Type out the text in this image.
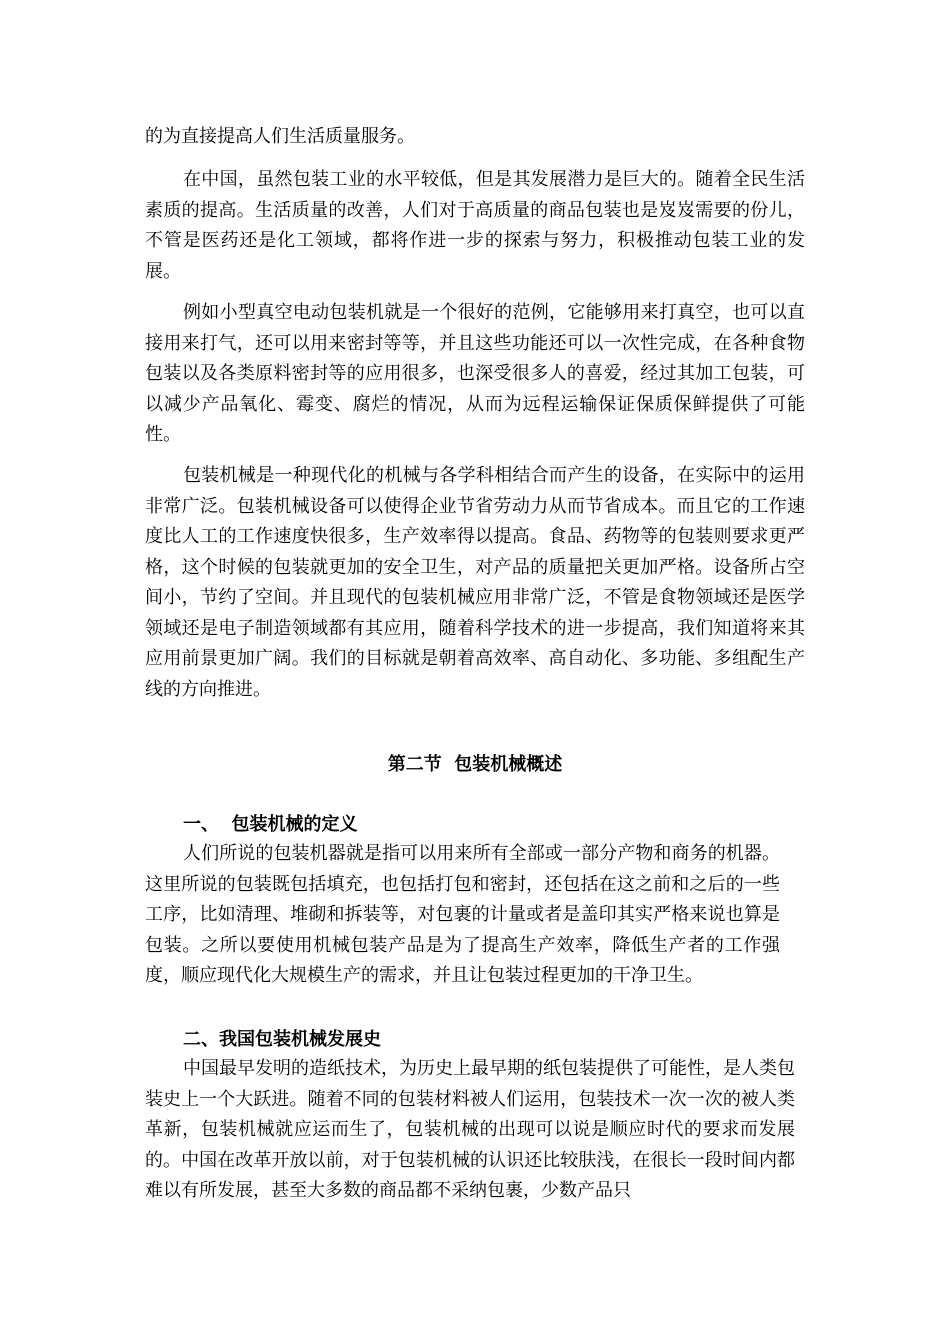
的为直接提高人们生活质量服务。

在中国，虽然包装工业的水平较低，但是其发展潜力是巨大的。随着全民生活素质的提高。生活质量的改善，人们对于高质量的商品包装也是岌岌需要的份儿，不管是医药还是化工领域，都将作进一步的探索与努力，积极推动包装工业的发展。

例如小型真空电动包装机就是一个很好的范例，它能够用来打真空，也可以直接用来打气，还可以用来密封等等，并且这些功能还可以一次性完成，在各种食物包装以及各类原料密封等的应用很多，也深受很多人的喜爱，经过其加工包装，可以减少产品氧化、霉变、腐烂的情况，从而为远程运输保证保质保鲜提供了可能性。

包装机械是一种现代化的机械与各学科相结合而产生的设备，在实际中的运用非常广泛。包装机械设备可以使得企业节省劳动力从而节省成本。而且它的工作速度比人工的工作速度快很多，生产效率得以提高。食品、药物等的包装则要求更严格，这个时候的包装就更加的安全卫生，对产品的质量把关更加严格。设备所占空间小，节约了空间。并且现代的包装机械应用非常广泛，不管是食物领域还是医学领域还是电子制造领域都有其应用，随着科学技术的进一步提高，我们知道将来其应用前景更加广阔。我们的目标就是朝着高效率、高自动化、多功能、多组配生产线的方向推进。

第二节  包装机械概述
一、  包装机械的定义

人们所说的包装机器就是指可以用来所有全部或一部分产物和商务的机器。这里所说的包装既包括填充，也包括打包和密封，还包括在这之前和之后的一些工序，比如清理、堆砌和拆装等，对包裹的计量或者是盖印其实严格来说也算是包装。之所以要使用机械包装产品是为了提高生产效率，降低生产者的工作强度，顺应现代化大规模生产的需求，并且让包装过程更加的干净卫生。

二、我国包装机械发展史

中国最早发明的造纸技术，为历史上最早期的纸包装提供了可能性，是人类包装史上一个大跃进。随着不同的包装材料被人们运用，包装技术一次一次的被人类革新，包装机械就应运而生了，包装机械的出现可以说是顺应时代的要求而发展的。中国在改革开放以前，对于包装机械的认识还比较肤浅，在很长一段时间内都难以有所发展，甚至大多数的商品都不采纳包裹，少数产品只
